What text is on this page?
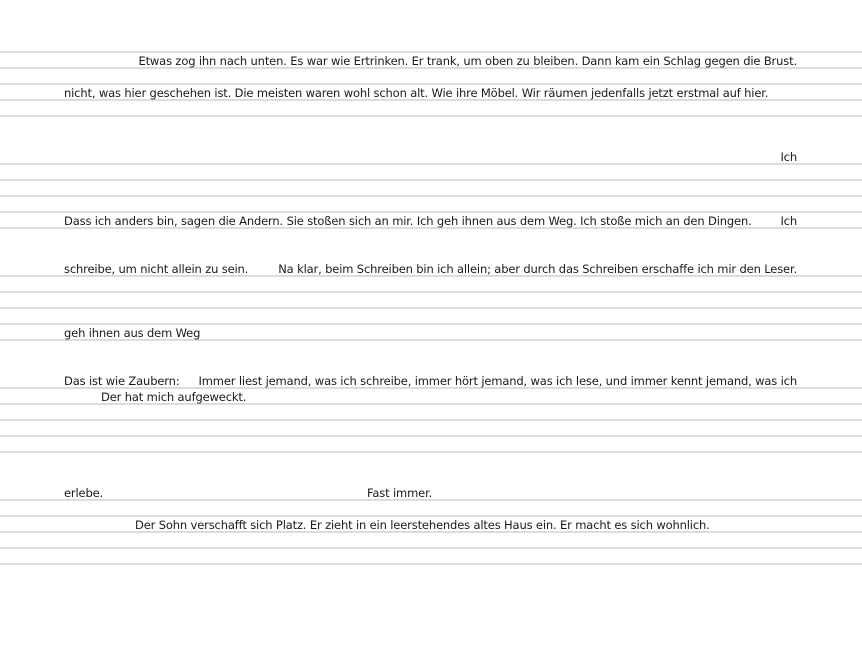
Etwas zog ihn nach unten. Es war wie Ertrinken. Er trank, um oben zu bleiben. Dann kam ein Schlag gegen die Brust.
nicht, was hier geschehen ist. Die meisten waren wohl schon alt. Wie ihre Möbel. Wir räumen jedenfalls jetzt erstmal auf hier.
Ich
Dass ich anders bin, sagen die Andern. Sie stoßen sich an mir. Ich geh ihnen aus dem Weg. Ich stoße mich an den Dingen.	Ich
schreibe, um nicht allein zu sein.	Na klar, beim Schreiben bin ich allein; aber durch das Schreiben erschaffe ich mir den Leser.
geh ihnen aus dem Weg
Das ist wie Zaubern: Immer liest jemand, was ich schreibe, immer hört jemand, was ich lese, und immer kennt jemand, was ich
Der hat mich aufgeweckt.
erlebe.	Fast immer.
Der Sohn verschafft sich Platz. Er zieht in ein leerstehendes altes Haus ein. Er macht es sich wohnlich.
